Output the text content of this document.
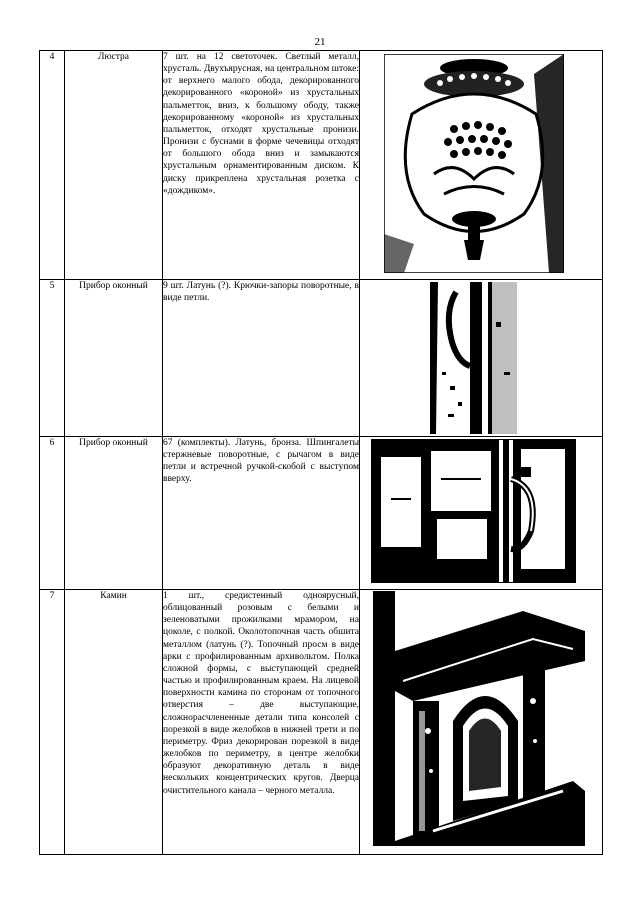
21
4	Люстра	7 шт. на 12 светоточек. Светлый металл, хрусталь. Двухъярусная, на центральном штоке: от верхнего малого обода, декорированного декорированного «короной» из хрустальных пальметток, вниз, к большому ободу, также декорированному «короной» из хрустальных пальметток, отходят хрустальные пронизи. Пронизи с буснами в форме чечевицы отходят от большого обода вниз и замыкаются хрустальным орнаментированным диском. К диску прикреплена хрустальная розетка с «дождиком».	

5	Прибор оконный	9 шт. Латунь (?). Крючки-запоры поворотные, в виде петли.	

6	Прибор оконный	67 (комплекты). Латунь, бронза. Шпингалеты стержневые поворотные, с рычагом в виде петли и встречной ручкой-скобой с выступом вверху.	

7	Камин	1 шт., средистенный одноярусный, облицованный розовым с белыми и зеленоватыми прожилками мрамором, на цоколе, с полкой. Околотопочная часть обшита металлом (латунь (?). Топочный просм в виде арки с профилированным архивольтом. Полка сложной формы, с выступающей средней частью и профилированным краем. На лицевой поверхности камина по сторонам от топочного отверстия – две выступающие, сложнорасчлененные детали типа консолей с порезкой в виде желобков в нижней трети и по периметру. Фриз декорирован порезкой в виде желобков по периметру, в центре желобки образуют декоративную деталь в виде нескольких концентрических кругов. Дверца очистительного канала – черного металла.	
